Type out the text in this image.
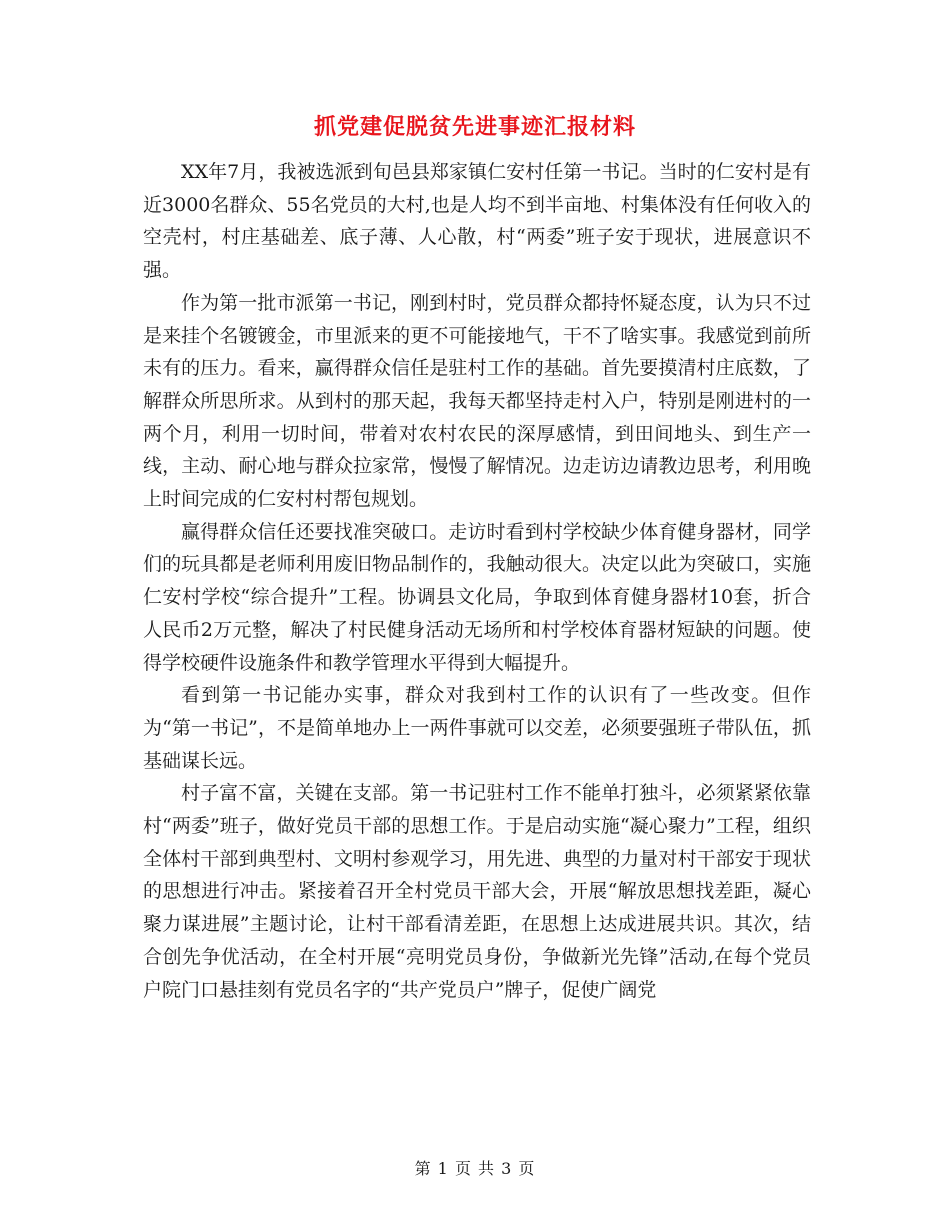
抓党建促脱贫先进事迹汇报材料

XX年7月，我被选派到旬邑县郑家镇仁安村任第一书记。当时的仁安村是有近3000名群众、55名党员的大村,也是人均不到半亩地、村集体没有任何收入的空壳村，村庄基础差、底子薄、人心散，村“两委”班子安于现状，进展意识不强。

作为第一批市派第一书记，刚到村时，党员群众都持怀疑态度，认为只不过是来挂个名镀镀金，市里派来的更不可能接地气，干不了啥实事。我感觉到前所未有的压力。看来，赢得群众信任是驻村工作的基础。首先要摸清村庄底数，了解群众所思所求。从到村的那天起，我每天都坚持走村入户，特别是刚进村的一两个月，利用一切时间，带着对农村农民的深厚感情，到田间地头、到生产一线，主动、耐心地与群众拉家常，慢慢了解情况。边走访边请教边思考，利用晚上时间完成的仁安村村帮包规划。

赢得群众信任还要找准突破口。走访时看到村学校缺少体育健身器材，同学们的玩具都是老师利用废旧物品制作的，我触动很大。决定以此为突破口，实施仁安村学校“综合提升”工程。协调县文化局，争取到体育健身器材10套，折合人民币2万元整，解决了村民健身活动无场所和村学校体育器材短缺的问题。使得学校硬件设施条件和教学管理水平得到大幅提升。

看到第一书记能办实事，群众对我到村工作的认识有了一些改变。但作为“第一书记”，不是简单地办上一两件事就可以交差，必须要强班子带队伍，抓基础谋长远。

村子富不富，关键在支部。第一书记驻村工作不能单打独斗，必须紧紧依靠村“两委”班子，做好党员干部的思想工作。于是启动实施“凝心聚力”工程，组织全体村干部到典型村、文明村参观学习，用先进、典型的力量对村干部安于现状的思想进行冲击。紧接着召开全村党员干部大会，开展“解放思想找差距，凝心聚力谋进展”主题讨论，让村干部看清差距，在思想上达成进展共识。其次，结合创先争优活动，在全村开展“亮明党员身份，争做新光先锋”活动,在每个党员户院门口悬挂刻有党员名字的“共产党员户”牌子，促使广阔党

第 1 页 共 3 页
